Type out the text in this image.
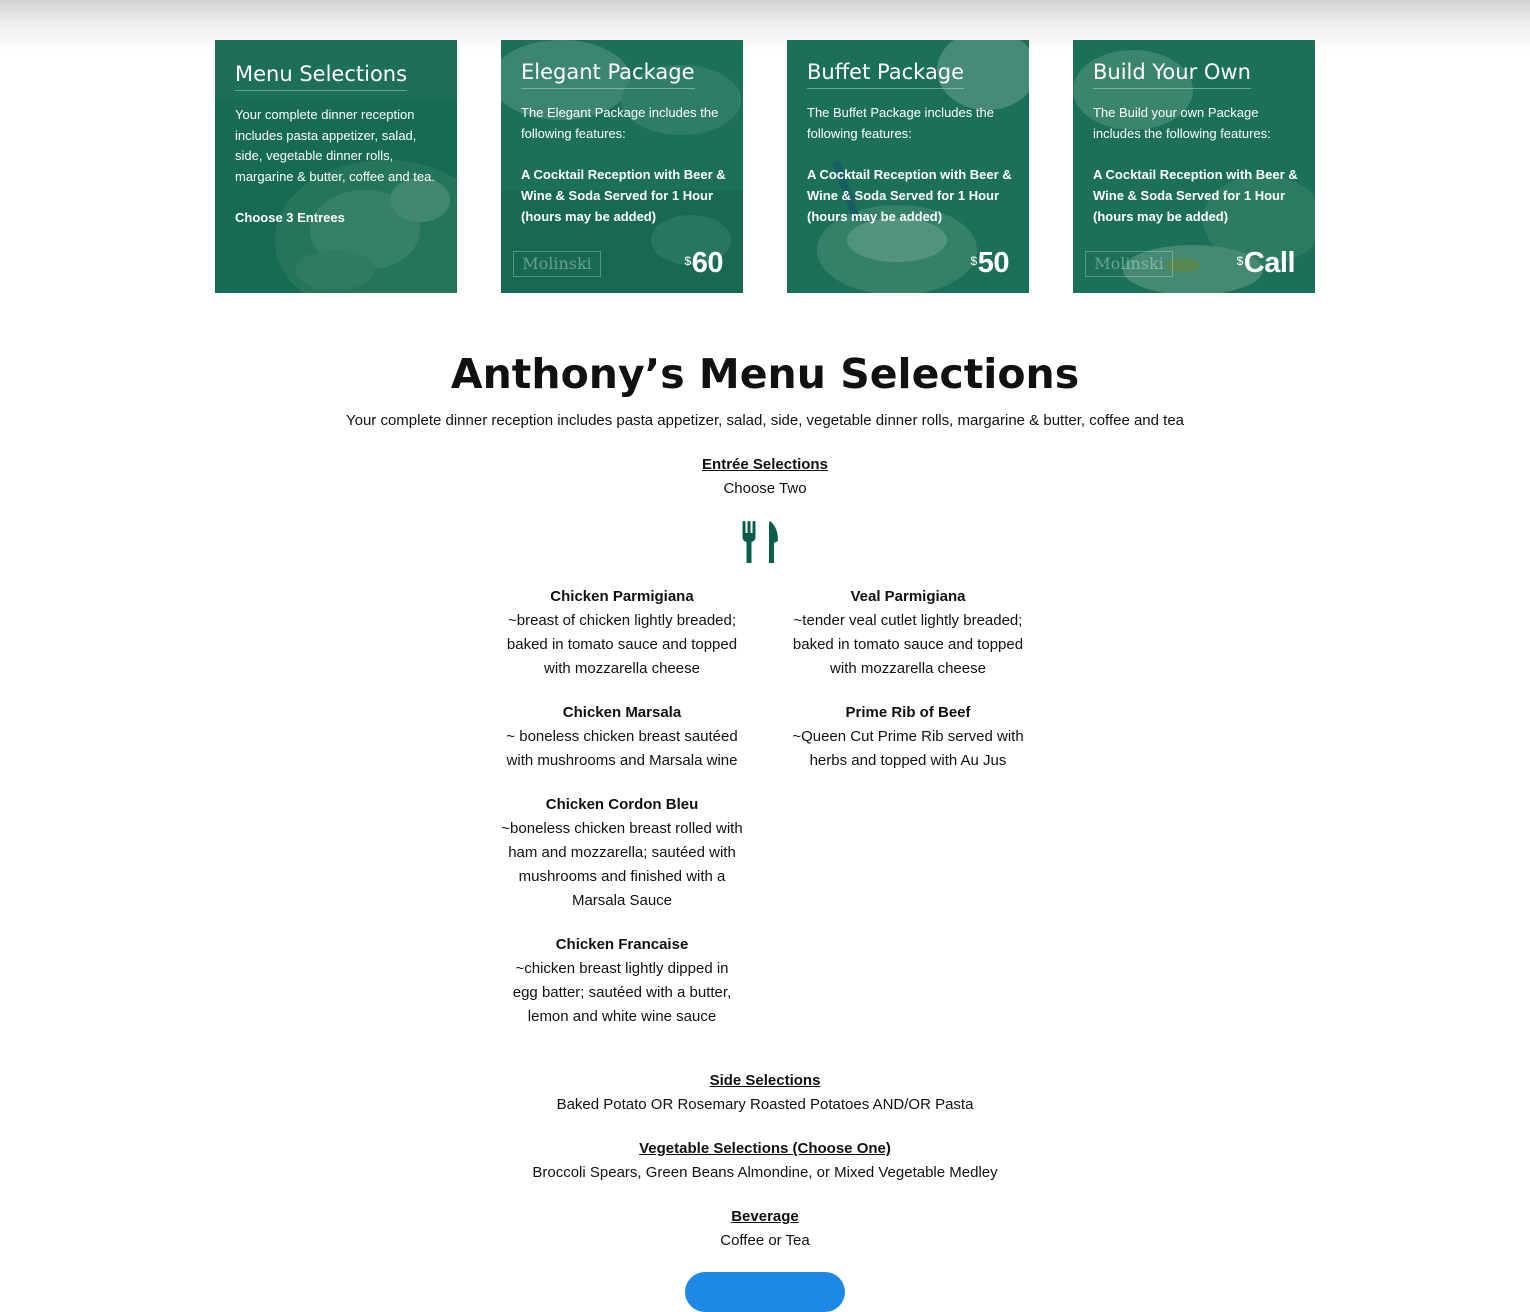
Menu Selections
Your complete dinner reception includes pasta appetizer, salad, side, vegetable dinner rolls, margarine & butter, coffee and tea.
Choose 3 Entrees
Elegant Package
The Elegant Package includes the following features:
A Cocktail Reception with Beer & Wine & Soda Served for 1 Hour (hours may be added)
Molinski	$60
Buffet Package
The Buffet Package includes the following features:
A Cocktail Reception with Beer & Wine & Soda Served for 1 Hour (hours may be added)
$50
Build Your Own
The Build your own Package includes the following features:
A Cocktail Reception with Beer & Wine & Soda Served for 1 Hour (hours may be added)
Molinski	$Call
Anthony’s Menu Selections
Your complete dinner reception includes pasta appetizer, salad, side, vegetable dinner rolls, margarine & butter, coffee and tea
Entrée Selections
Choose Two
Chicken Parmigiana
~breast of chicken lightly breaded; baked in tomato sauce and topped with mozzarella cheese
Chicken Marsala
~ boneless chicken breast sautéed with mushrooms and Marsala wine
Chicken Cordon Bleu
~boneless chicken breast rolled with ham and mozzarella; sautéed with mushrooms and finished with a Marsala Sauce
Chicken Francaise
~chicken breast lightly dipped in egg batter; sautéed with a butter, lemon and white wine sauce
Veal Parmigiana
~tender veal cutlet lightly breaded; baked in tomato sauce and topped with mozzarella cheese
Prime Rib of Beef
~Queen Cut Prime Rib served with herbs and topped with Au Jus
Side Selections
Baked Potato OR Rosemary Roasted Potatoes AND/OR Pasta
Vegetable Selections (Choose One)
Broccoli Spears, Green Beans Almondine, or Mixed Vegetable Medley
Beverage
Coffee or Tea
